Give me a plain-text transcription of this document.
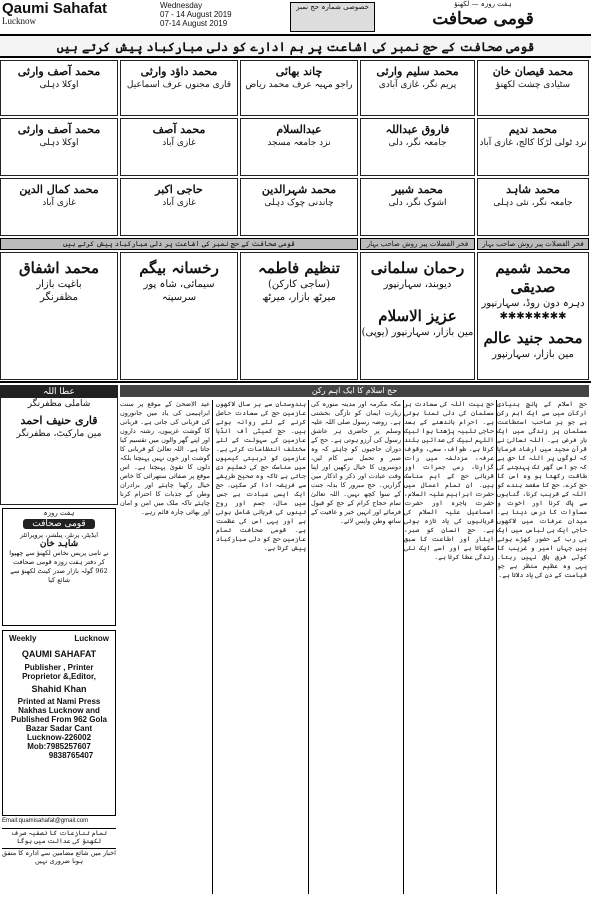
Qaumi Sahafat
Lucknow
Wednesday
07 - 14 August 2019
07-14 August 2019
خصوصی شمارہ حج نمبر	ہفت روزہ — لکھنؤ
قومی صحافت
قومی صحافت کے حج نمبر کی اشاعت پر ہم ادارے کو دلی مبارکباد پیش کرتے ہیں
محمد قیصان خان
سٹیادی چشت لکھنؤ
محمد سلیم وارثی
پریم نگر، غازی آبادی
چاند بھائی
راجو مہیہ عرف محمد ریاض
محمد داؤد وارثی
قاری مجنوں عرف اسماعیل
محمد آصف وارثی
اوکلا دہلی
محمد ندیم
نزد ٹولی لڑکا کالج، غازی آباد
فاروق عبداللہ
جامعہ نگر، دلی
عبدالسلام
نزد جامعہ مسجد
محمد آصف
غازی آباد
محمد آصف وارثی
اوکلا دہلی
محمد شاہد
جامعہ نگر، نئی دہلی
محمد شبیر
اشوک نگر، دلی
محمد شہرالدین
چاندنی چوک دہلی
حاجی اکبر
غازی آباد
محمد کمال الدین
غازی آباد
فخر الفضلات پیر روش صاحب بہار
فخر الفضلات پیر روش صاحب بہار
قومی صحافت کے حج نمبر کی اشاعت پر دلی مبارکباد پیش کرتے ہیں
محمد شمیم صدیقی
دہرہ دون روڈ، سہارنپور
✱✱✱✱✱✱✱✱
محمد جنید عالم
مین بازار، سہارنپور
رحمان سلمانی
دیوبند، سہارنپور
عزیز الاسلام
مین بازار، سہارنپور (یوپی)
تنظیم فاطمہ
(ساجی کارکن)
میرٹھ بازار، میرٹھ
رخسانہ بیگم
سیمائی، شاہ پور
سرسپنہ
محمد اشفاق
باغپت بازار
مظفرنگر
عطا اللہ
شاملی مظفرنگر
قاری حنیف احمد
مین مارکیٹ، مظفرنگر
ہفت روزہ
قومی صحافت
ایڈیٹر، پرنٹر، پبلشر، پروپرائٹر
شاہد خان
نے نامی پریس نخاس لکھنؤ سے چھپوا کر دفتر ہفت روزہ قومی صحافت 962 گولہ بازار صدر کینٹ لکھنؤ سے شائع کیا
Weekly	Lucknow
QAUMI SAHAFAT
Publisher , Printer
Proprietor &,Editor,
Shahid Khan
Printed at Nami Press
Nakhas Lucknow and
Published From 962 Gola
Bazar Sadar Cant
Lucknow-226002
Mob:7985257607
9838765407
Email:quamisahafat@gmail.com
تمام تنازعات کا تصفیہ صرف لکھنؤ کی عدالت میں ہوگا
اخبار میں شائع مضامین سے ادارہ کا متفق ہونا ضروری نہیں
حج اسلام کا ایک اہم رکن
حج اسلام کے پانچ بنیادی ارکان میں سے ایک اہم رکن ہے جو ہر صاحب استطاعت مسلمان پر زندگی میں ایک بار فرض ہے۔ اللہ تعالیٰ نے قرآن مجید میں ارشاد فرمایا کہ لوگوں پر اللہ کا حق ہے کہ جو اس گھر تک پہنچنے کی طاقت رکھتا ہو وہ اس کا حج کرے۔ حج کا مقصد بندے کو اللہ کے قریب کرنا، گناہوں سے پاک کرنا اور اخوت و مساوات کا درس دینا ہے۔ میدان عرفات میں لاکھوں حاجی ایک ہی لباس میں ایک ہی رب کے حضور کھڑے ہوتے ہیں جہاں امیر و غریب کا کوئی فرق باقی نہیں رہتا۔ یہی وہ عظیم منظر ہے جو قیامت کے دن کی یاد دلاتا ہے۔
حج بیت اللہ کی سعادت ہر مسلمان کی دلی تمنا ہوتی ہے۔ احرام باندھنے کے بعد حاجی تلبیہ پڑھتا ہوا لبیک اللہم لبیک کی صدائیں بلند کرتا ہے۔ طواف، سعی، وقوف عرفہ، مزدلفہ میں رات گزارنا، رمی جمرات اور قربانی حج کے اہم مناسک ہیں۔ ان تمام اعمال میں حضرت ابراہیم علیہ السلام، حضرت ہاجرہ اور حضرت اسماعیل علیہ السلام کی قربانیوں کی یاد تازہ ہوتی ہے۔ حج انسان کو صبر، ایثار اور اطاعت کا سبق سکھاتا ہے اور اسے ایک نئی زندگی عطا کرتا ہے۔
مکہ مکرمہ اور مدینہ منورہ کی زیارت ایمان کو تازگی بخشتی ہے۔ روضہ رسول صلی اللہ علیہ وسلم پر حاضری ہر عاشق رسول کی آرزو ہوتی ہے۔ حج کے دوران حاجیوں کو چاہئے کہ وہ صبر و تحمل سے کام لیں، دوسروں کا خیال رکھیں اور اپنا وقت عبادت اور ذکر و اذکار میں گزاریں۔ حج مبرور کا بدلہ جنت کے سوا کچھ نہیں۔ اللہ تعالیٰ تمام حجاج کرام کے حج کو قبول فرمائے اور انہیں خیر و عافیت کے ساتھ وطن واپس لائے۔
ہندوستان سے ہر سال لاکھوں عازمین حج کی سعادت حاصل کرنے کے لئے روانہ ہوتے ہیں۔ حج کمیٹی آف انڈیا عازمین کی سہولت کے لئے مختلف انتظامات کرتی ہے۔ عازمین کو تربیتی کیمپوں میں مناسک حج کی تعلیم دی جاتی ہے تاکہ وہ صحیح طریقے سے فریضہ ادا کر سکیں۔ حج ایک ایسی عبادت ہے جس میں مال، جسم اور روح تینوں کی قربانی شامل ہوتی ہے اور یہی اس کی عظمت ہے۔ قومی صحافت تمام عازمین حج کو دلی مبارکباد پیش کرتا ہے۔
عید الاضحیٰ کے موقع پر سنت ابراہیمی کی یاد میں جانوروں کی قربانی کی جاتی ہے۔ قربانی کا گوشت غریبوں، رشتہ داروں اور اپنے گھر والوں میں تقسیم کیا جاتا ہے۔ اللہ تعالیٰ کو قربانی کا گوشت اور خون نہیں پہنچتا بلکہ دلوں کا تقویٰ پہنچتا ہے۔ اس موقع پر صفائی ستھرائی کا خاص خیال رکھنا چاہئے اور برادران وطن کے جذبات کا احترام کرنا چاہئے تاکہ ملک میں امن و امان اور بھائی چارہ قائم رہے۔
